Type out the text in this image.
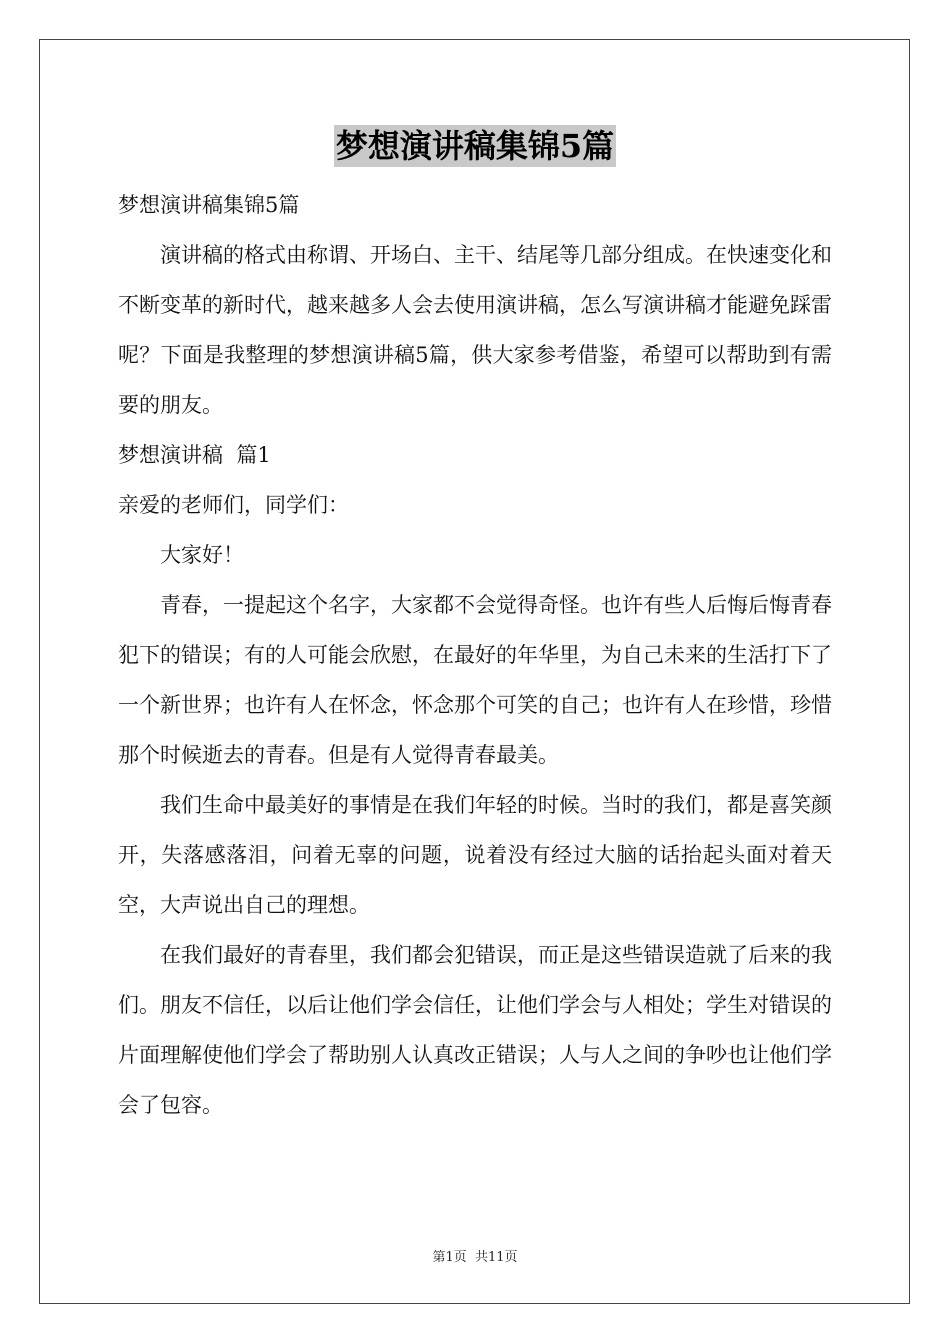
梦想演讲稿集锦5篇

梦想演讲稿集锦5篇

演讲稿的格式由称谓、开场白、主干、结尾等几部分组成。在快速变化和不断变革的新时代，越来越多人会去使用演讲稿，怎么写演讲稿才能避免踩雷呢？下面是我整理的梦想演讲稿5篇，供大家参考借鉴，希望可以帮助到有需要的朋友。

梦想演讲稿  篇1

亲爱的老师们，同学们：

大家好！

青春，一提起这个名字，大家都不会觉得奇怪。也许有些人后悔后悔青春犯下的错误；有的人可能会欣慰，在最好的年华里，为自己未来的生活打下了一个新世界；也许有人在怀念，怀念那个可笑的自己；也许有人在珍惜，珍惜那个时候逝去的青春。但是有人觉得青春最美。

我们生命中最美好的事情是在我们年轻的时候。当时的我们，都是喜笑颜开，失落感落泪，问着无辜的问题，说着没有经过大脑的话抬起头面对着天空，大声说出自己的理想。

在我们最好的青春里，我们都会犯错误，而正是这些错误造就了后来的我们。朋友不信任，以后让他们学会信任，让他们学会与人相处；学生对错误的片面理解使他们学会了帮助别人认真改正错误；人与人之间的争吵也让他们学会了包容。

第1页 共11页
